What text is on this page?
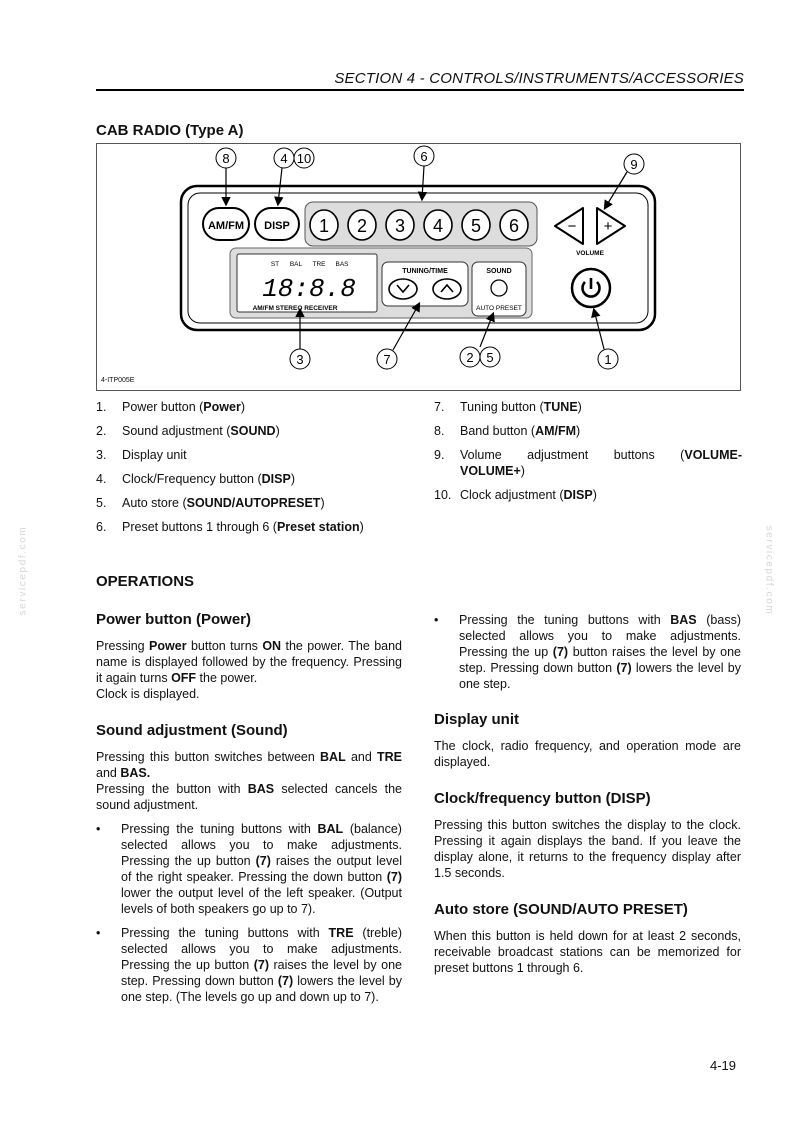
SECTION 4 - CONTROLS/INSTRUMENTS/ACCESSORIES
CAB RADIO (Type A)
AM/FM DISP 1 2 3 4 5 6	− +
VOLUME
ST BAL TRE BAS
18:8.8
AM/FM STEREO RECEIVER
TUNING/TIME	SOUND
AUTO PRESET
8	4 10	6
9
3	7	2 5	1
4-ITP005E
1. Power button (Power)
2. Sound adjustment (SOUND)
3. Display unit
4. Clock/Frequency button (DISP)
5. Auto store (SOUND/AUTOPRESET)
6. Preset buttons 1 through 6 (Preset station)
7. Tuning button (TUNE)
8. Band button (AM/FM)
9. Volume adjustment buttons (VOLUME- VOLUME+)
10. Clock adjustment (DISP)
OPERATIONS
Power button (Power)
Pressing Power button turns ON the power. The band name is displayed followed by the frequency. Pressing it again turns OFF the power.
Clock is displayed.
Sound adjustment (Sound)
Pressing this button switches between BAL and TRE and BAS.
Pressing the button with BAS selected cancels the sound adjustment.
• Pressing the tuning buttons with BAL (balance) selected allows you to make adjustments. Pressing the up button (7) raises the output level of the right speaker. Pressing the down button (7) lower the output level of the left speaker. (Output levels of both speakers go up to 7).
• Pressing the tuning buttons with TRE (treble) selected allows you to make adjustments. Pressing the up button (7) raises the level by one step. Pressing down button (7) lowers the level by one step. (The levels go up and down up to 7).
• Pressing the tuning buttons with BAS (bass) selected allows you to make adjustments. Pressing the up (7) button raises the level by one step. Pressing down button (7) lowers the level by one step.
Display unit
The clock, radio frequency, and operation mode are displayed.
Clock/frequency button (DISP)
Pressing this button switches the display to the clock. Pressing it again displays the band. If you leave the display alone, it returns to the frequency display after 1.5 seconds.
Auto store (SOUND/AUTO PRESET)
When this button is held down for at least 2 seconds, receivable broadcast stations can be memorized for preset buttons 1 through 6.
4-19
servicepdf.com	servicepdf.com
